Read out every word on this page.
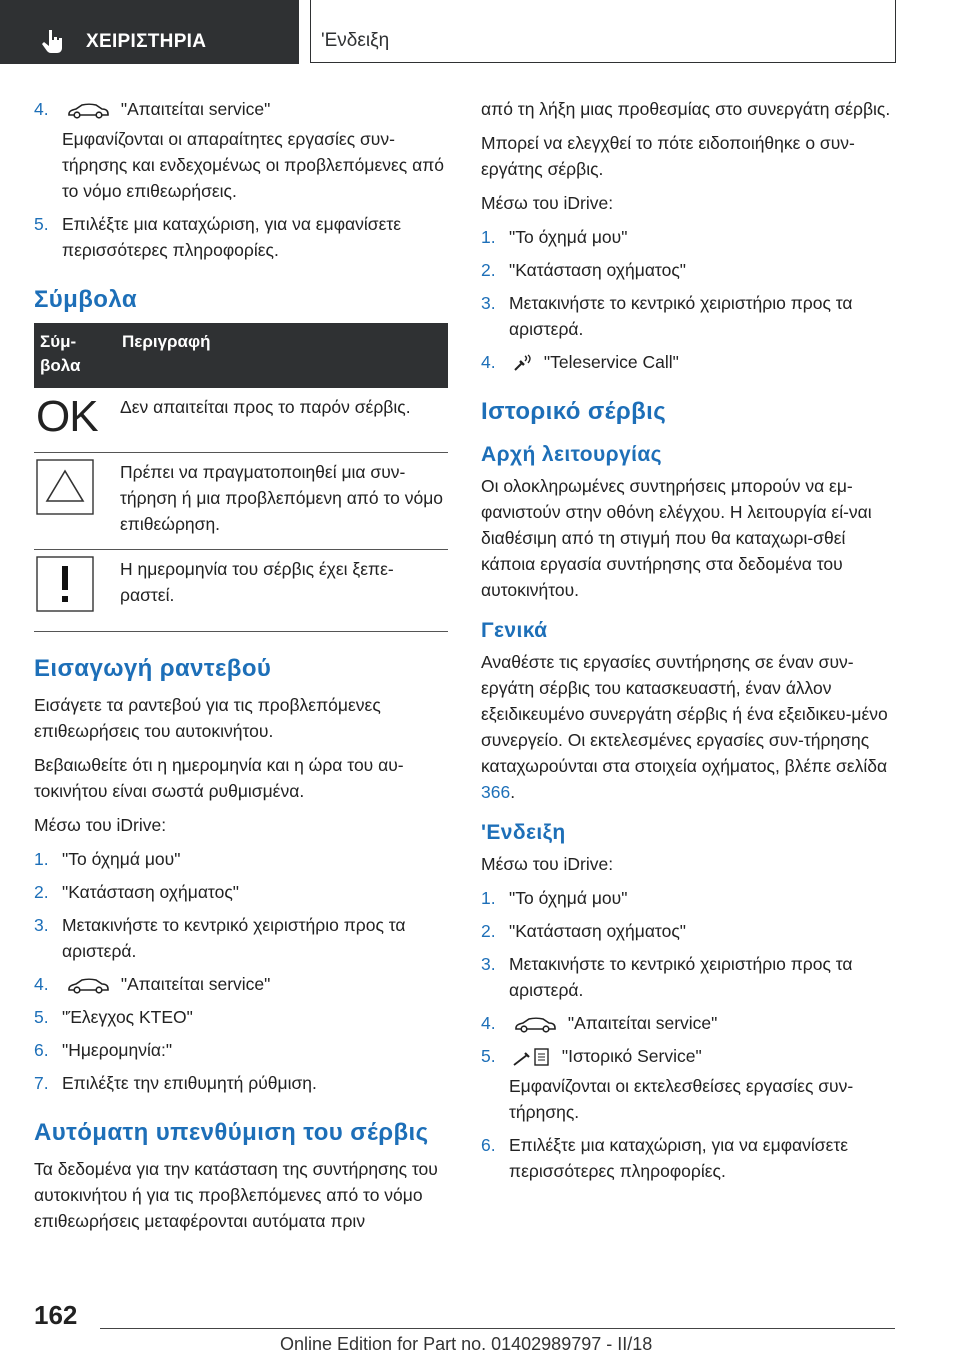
ΧΕΙΡΙΣΤΗΡΙΑ	'Ενδειξη
4.	"Απαιτείται service"
Εμφανίζονται οι απαραίτητες εργασίες συν-τήρησης και ενδεχομένως οι προβλεπόμενες από το νόμο επιθεωρήσεις.
5. Επιλέξτε μια καταχώριση, για να εμφανίσετε περισσότερες πληροφορίες.
Σύμβολα
Σύμ-βολα	Περιγραφή
OK	Δεν απαιτείται προς το παρόν σέρβις.
	Πρέπει να πραγματοποιηθεί μια συν-τήρηση ή μια προβλεπόμενη από το νόμο επιθεώρηση.
	Η ημερομηνία του σέρβις έχει ξεπε-ραστεί.
Εισαγωγή ραντεβού

Εισάγετε τα ραντεβού για τις προβλεπόμενες επιθεωρήσεις του αυτοκινήτου.

Βεβαιωθείτε ότι η ημερομηνία και η ώρα του αυ-τοκινήτου είναι σωστά ρυθμισμένα.

Μέσω του iDrive:

1. "Το όχημά μου"
2. "Κατάσταση οχήματος"
3. Μετακινήστε το κεντρικό χειριστήριο προς τα αριστερά.
4.	"Απαιτείται service"
5. "Έλεγχος ΚΤΕΟ"
6. "Ημερομηνία:"
7. Επιλέξτε την επιθυμητή ρύθμιση.
Αυτόματη υπενθύμιση του σέρβις

Τα δεδομένα για την κατάσταση της συντήρησης του αυτοκινήτου ή για τις προβλεπόμενες από το νόμο επιθεωρήσεις μεταφέρονται αυτόματα πριν

από τη λήξη μιας προθεσμίας στο συνεργάτη σέρβις.

Μπορεί να ελεγχθεί το πότε ειδοποιήθηκε ο συν-εργάτης σέρβις.

Μέσω του iDrive:

1. "Το όχημά μου"
2. "Κατάσταση οχήματος"
3. Μετακινήστε το κεντρικό χειριστήριο προς τα αριστερά.
4.	"Teleservice Call"
Ιστορικό σέρβις
Αρχή λειτουργίας

Οι ολοκληρωμένες συντηρήσεις μπορούν να εμ-φανιστούν στην οθόνη ελέγχου. Η λειτουργία εί-ναι διαθέσιμη από τη στιγμή που θα καταχωρι-σθεί κάποια εργασία συντήρησης στα δεδομένα του αυτοκινήτου.

Γενικά

Αναθέστε τις εργασίες συντήρησης σε έναν συν-εργάτη σέρβις του κατασκευαστή, έναν άλλον εξειδικευμένο συνεργάτη σέρβις ή ένα εξειδικευ-μένο συνεργείο. Οι εκτελεσμένες εργασίες συν-τήρησης καταχωρούνται στα στοιχεία οχήματος, βλέπε σελίδα 366.

'Ενδειξη

Μέσω του iDrive:

1. "Το όχημά μου"
2. "Κατάσταση οχήματος"
3. Μετακινήστε το κεντρικό χειριστήριο προς τα αριστερά.
4.	"Απαιτείται service"
5.	"Ιστορικό Service"
Εμφανίζονται οι εκτελεσθείσες εργασίες συν-τήρησης.
6. Επιλέξτε μια καταχώριση, για να εμφανίσετε περισσότερες πληροφορίες.
162
Online Edition for Part no. 01402989797 - II/18
